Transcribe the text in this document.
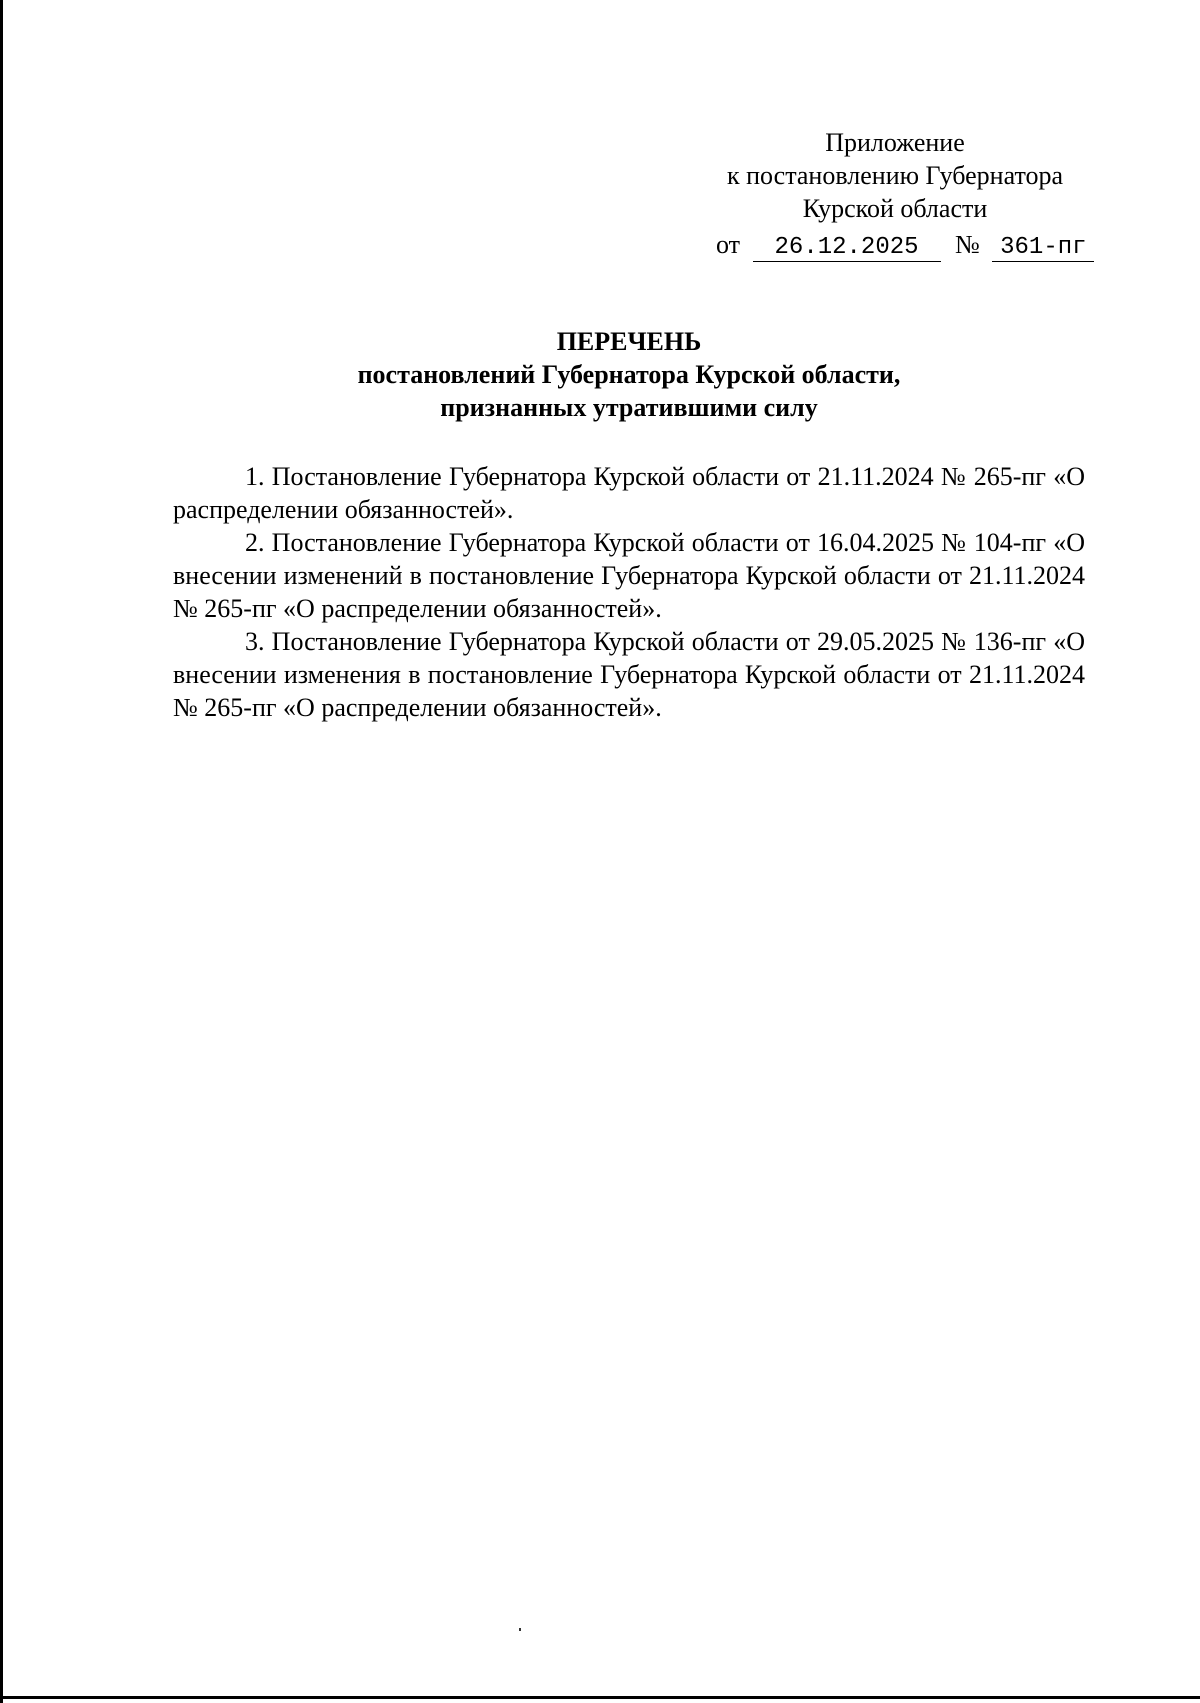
Приложение
к постановлению Губернатора
Курской области
от 26.12.2025 № 361-пг
ПЕРЕЧЕНЬ
постановлений Губернатора Курской области,
признанных утратившими силу

1. Постановление Губернатора Курской области от 21.11.2024 № 265-пг «О распределении обязанностей».

2. Постановление Губернатора Курской области от 16.04.2025 № 104-пг «О внесении изменений в постановление Губернатора Курской области от 21.11.2024 № 265-пг «О распределении обязанностей».

3. Постановление Губернатора Курской области от 29.05.2025 № 136-пг «О внесении изменения в постановление Губернатора Курской области от 21.11.2024 № 265-пг «О распределении обязанностей».
